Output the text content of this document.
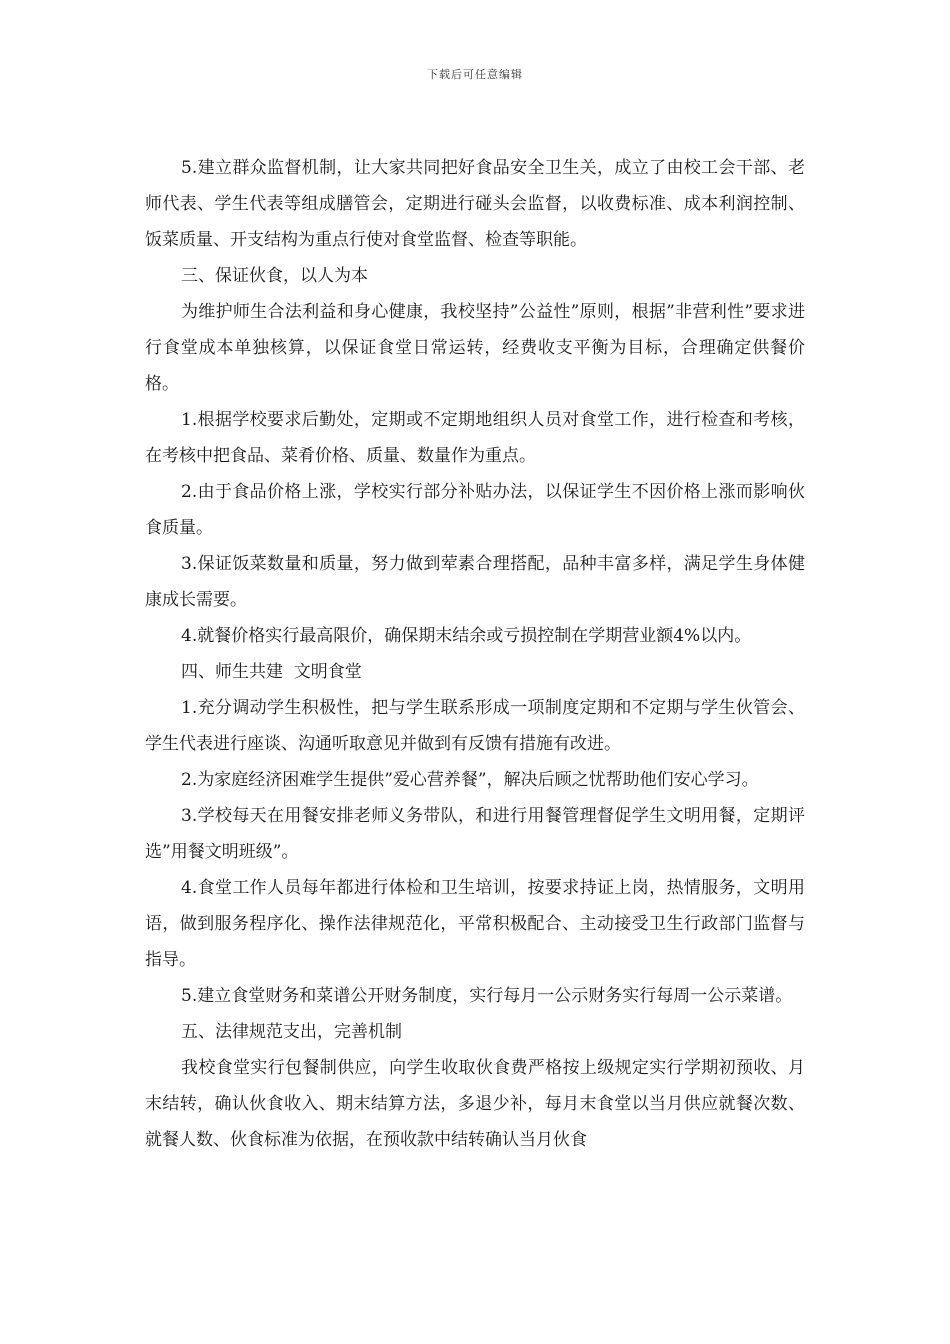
下载后可任意编辑

5.建立群众监督机制，让大家共同把好食品安全卫生关，成立了由校工会干部、老师代表、学生代表等组成膳管会，定期进行碰头会监督，以收费标准、成本利润控制、饭菜质量、开支结构为重点行使对食堂监督、检查等职能。

三、保证伙食，以人为本

为维护师生合法利益和身心健康，我校坚持”公益性”原则，根据”非营利性”要求进行食堂成本单独核算，以保证食堂日常运转，经费收支平衡为目标，合理确定供餐价格。

1.根据学校要求后勤处，定期或不定期地组织人员对食堂工作，进行检查和考核，在考核中把食品、菜肴价格、质量、数量作为重点。

2.由于食品价格上涨，学校实行部分补贴办法，以保证学生不因价格上涨而影响伙食质量。

3.保证饭菜数量和质量，努力做到荤素合理搭配，品种丰富多样，满足学生身体健康成长需要。

4.就餐价格实行最高限价，确保期末结余或亏损控制在学期营业额4%以内。

四、师生共建  文明食堂

1.充分调动学生积极性，把与学生联系形成一项制度定期和不定期与学生伙管会、学生代表进行座谈、沟通听取意见并做到有反馈有措施有改进。

2.为家庭经济困难学生提供”爱心营养餐”，解决后顾之忧帮助他们安心学习。

3.学校每天在用餐安排老师义务带队，和进行用餐管理督促学生文明用餐，定期评选”用餐文明班级”。

4.食堂工作人员每年都进行体检和卫生培训，按要求持证上岗，热情服务，文明用语，做到服务程序化、操作法律规范化，平常积极配合、主动接受卫生行政部门监督与指导。

5.建立食堂财务和菜谱公开财务制度，实行每月一公示财务实行每周一公示菜谱。

五、法律规范支出，完善机制

我校食堂实行包餐制供应，向学生收取伙食费严格按上级规定实行学期初预收、月末结转，确认伙食收入、期末结算方法，多退少补，每月末食堂以当月供应就餐次数、就餐人数、伙食标准为依据，在预收款中结转确认当月伙食
